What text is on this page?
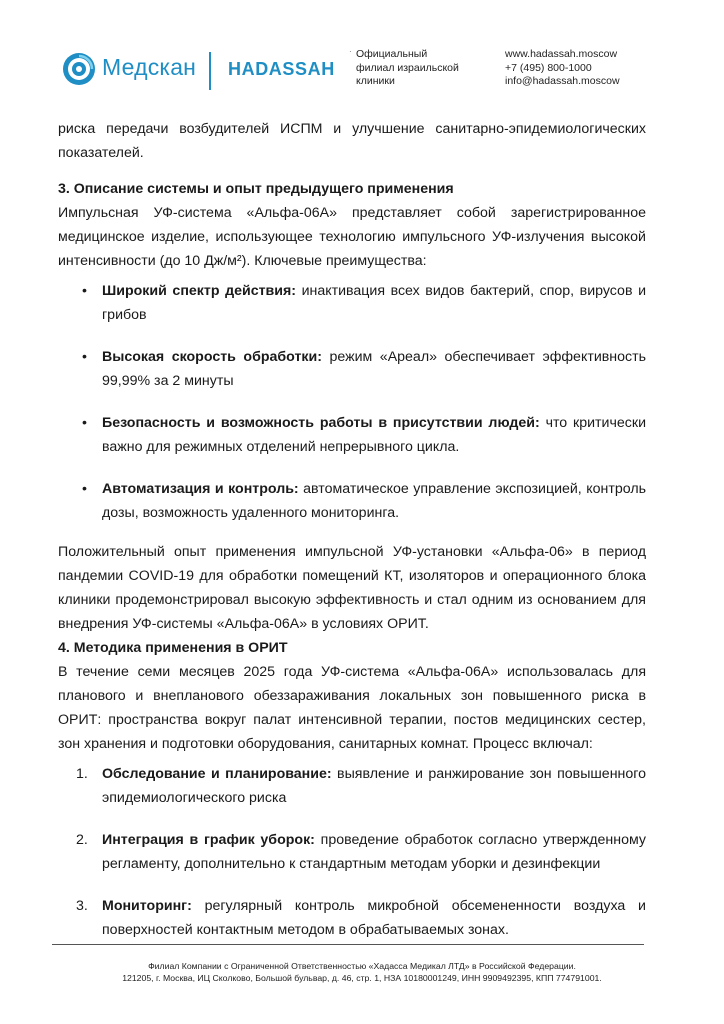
Медскан HADASSAH
· Официальный
филиал израильской
клиники
www.hadassah.moscow
+7 (495) 800-1000
info@hadassah.moscow

риска передачи возбудителей ИСПМ и улучшение санитарно-эпидемиологических показателей.

3. Описание системы и опыт предыдущего применения

Импульсная УФ-система «Альфа-06А» представляет собой зарегистрированное медицинское изделие, использующее технологию импульсного УФ-излучения высокой интенсивности (до 10 Дж/м²). Ключевые преимущества:

• Широкий спектр действия: инактивация всех видов бактерий, спор, вирусов и грибов
• Высокая скорость обработки: режим «Ареал» обеспечивает эффективность 99,99% за 2 минуты
• Безопасность и возможность работы в присутствии людей: что критически важно для режимных отделений непрерывного цикла.
• Автоматизация и контроль: автоматическое управление экспозицией, контроль дозы, возможность удаленного мониторинга.

Положительный опыт применения импульсной УФ-установки «Альфа-06» в период пандемии COVID-19 для обработки помещений КТ, изоляторов и операционного блока клиники продемонстрировал высокую эффективность и стал одним из основанием для внедрения УФ-системы «Альфа-06А» в условиях ОРИТ.

4. Методика применения в ОРИТ

В течение семи месяцев 2025 года УФ-система «Альфа-06А» использовалась для планового и внепланового обеззараживания локальных зон повышенного риска в ОРИТ: пространства вокруг палат интенсивной терапии, постов медицинских сестер, зон хранения и подготовки оборудования, санитарных комнат. Процесс включал:

1. Обследование и планирование: выявление и ранжирование зон повышенного эпидемиологического риска
2. Интеграция в график уборок: проведение обработок согласно утвержденному регламенту, дополнительно к стандартным методам уборки и дезинфекции
3. Мониторинг: регулярный контроль микробной обсемененности воздуха и поверхностей контактным методом в обрабатываемых зонах.
Филиал Компании с Ограниченной Ответственностью «Хадасса Медикал ЛТД» в Российской Федерации.
121205, г. Москва, ИЦ Сколково, Большой бульвар, д. 46, стр. 1, НЗА 10180001249, ИНН 9909492395, КПП 774791001.
